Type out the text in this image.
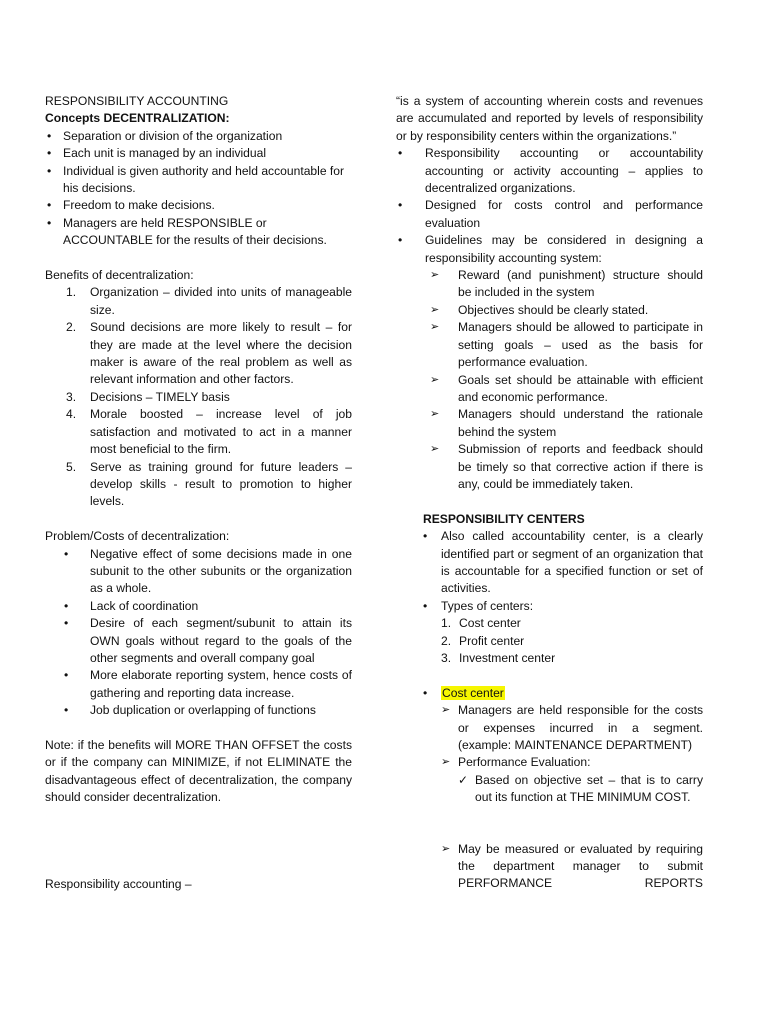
RESPONSIBILITY ACCOUNTING

Concepts DECENTRALIZATION:

• Separation or division of the organization
• Each unit is managed by an individual
• Individual is given authority and held accountable for his decisions.
• Freedom to make decisions.
• Managers are held RESPONSIBLE or ACCOUNTABLE for the results of their decisions.

Benefits of decentralization:

1.	Organization – divided into units of manageable size.
2.	Sound decisions are more likely to result – for they are made at the level where the decision maker is aware of the real problem as well as relevant information and other factors.
3.	Decisions – TIMELY basis
4.	Morale boosted – increase level of job satisfaction and motivated to act in a manner most beneficial to the firm.
5.	Serve as training ground for future leaders – develop skills - result to promotion to higher levels.

Problem/Costs of decentralization:

•	Negative effect of some decisions made in one subunit to the other subunits or the organization as a whole.
•	Lack of coordination
•	Desire of each segment/subunit to attain its OWN goals without regard to the goals of the other segments and overall company goal
•	More elaborate reporting system, hence costs of gathering and reporting data increase.
•	Job duplication or overlapping of functions

Note: if the benefits will MORE THAN OFFSET the costs or if the company can MINIMIZE, if not ELIMINATE the disadvantageous effect of decentralization, the company should consider decentralization.

Responsibility accounting –

“is a system of accounting wherein costs and revenues are accumulated and reported by levels of responsibility or by responsibility centers within the organizations.”

•	Responsibility accounting or accountability accounting or activity accounting – applies to decentralized organizations.
•	Designed for costs control and performance evaluation
•	Guidelines may be considered in designing a responsibility accounting system:
➢	Reward (and punishment) structure should be included in the system
➢	Objectives should be clearly stated.
➢	Managers should be allowed to participate in setting goals – used as the basis for performance evaluation.
➢	Goals set should be attainable with efficient and economic performance.
➢	Managers should understand the rationale behind the system
➢	Submission of reports and feedback should be timely so that corrective action if there is any, could be immediately taken.

RESPONSIBILITY CENTERS

•	Also called accountability center, is a clearly identified part or segment of an organization that is accountable for a specified function or set of activities.
•	Types of centers:
1. Cost center
2. Profit center
3. Investment center
•	Cost center
➢ Managers are held responsible for the costs or expenses incurred in a segment. (example: MAINTENANCE DEPARTMENT)
➢ Performance Evaluation:
✓ Based on objective set – that is to carry out its function at THE MINIMUM COST.
➢ May be measured or evaluated by requiring the department manager to submit PERFORMANCE REPORTS
